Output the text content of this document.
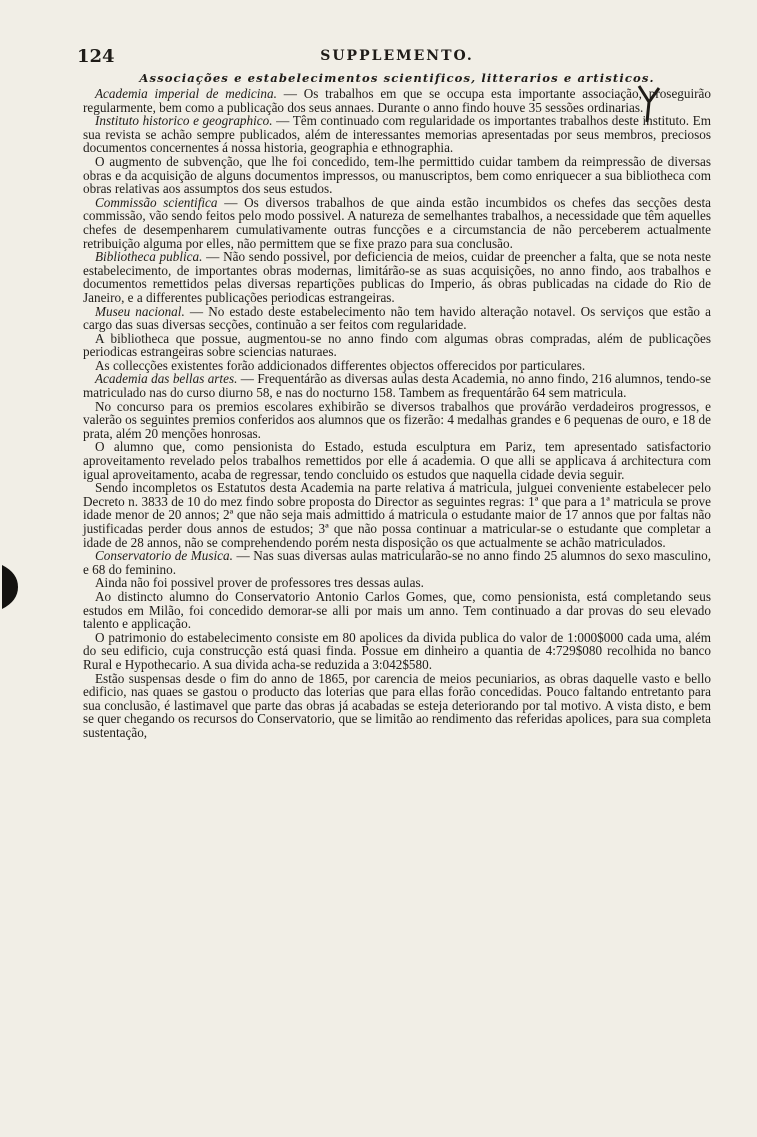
124	SUPPLEMENTO.
Associações e estabelecimentos scientificos, litterarios e artisticos.

Academia imperial de medicina. — Os trabalhos em que se occupa esta importante associação, proseguirão regularmente, bem como a publicação dos seus annaes. Durante o anno findo houve 35 sessões ordinarias.

Instituto historico e geographico. — Têm continuado com regularidade os importantes trabalhos deste instituto. Em sua revista se achão sempre publicados, além de interessantes memorias apresentadas por seus membros, preciosos documentos concernentes á nossa historia, geographia e ethnographia.

O augmento de subvenção, que lhe foi concedido, tem-lhe permittido cuidar tambem da reimpressão de diversas obras e da acquisição de alguns documentos impressos, ou manuscriptos, bem como enriquecer a sua bibliotheca com obras relativas aos assumptos dos seus estudos.

Commissão scientifica — Os diversos trabalhos de que ainda estão incumbidos os chefes das secções desta commissão, vão sendo feitos pelo modo possivel. A natureza de semelhantes trabalhos, a necessidade que têm aquelles chefes de desempenharem cumulativamente outras funcções e a circumstancia de não perceberem actualmente retribuição alguma por elles, não permittem que se fixe prazo para sua conclusão.

Bibliotheca publica. — Não sendo possivel, por deficiencia de meios, cuidar de preencher a falta, que se nota neste estabelecimento, de importantes obras modernas, limitárão-se as suas acquisições, no anno findo, aos trabalhos e documentos remettidos pelas diversas repartições publicas do Imperio, ás obras publicadas na cidade do Rio de Janeiro, e a differentes publicações periodicas estrangeiras.

Museu nacional. — No estado deste estabelecimento não tem havido alteração notavel. Os serviços que estão a cargo das suas diversas secções, continuão a ser feitos com regularidade.

A bibliotheca que possue, augmentou-se no anno findo com algumas obras compradas, além de publicações periodicas estrangeiras sobre sciencias naturaes.

As collecções existentes forão addicionados differentes objectos offerecidos por particulares.

Academia das bellas artes. — Frequentárão as diversas aulas desta Academia, no anno findo, 216 alumnos, tendo-se matriculado nas do curso diurno 58, e nas do nocturno 158. Tambem as frequentárão 64 sem matricula.

No concurso para os premios escolares exhibirão se diversos trabalhos que provárão verdadeiros progressos, e valerão os seguintes premios conferidos aos alumnos que os fizerão: 4 medalhas grandes e 6 pequenas de ouro, e 18 de prata, além 20 menções honrosas.

O alumno que, como pensionista do Estado, estuda esculptura em Pariz, tem apresentado satisfactorio aproveitamento revelado pelos trabalhos remettidos por elle á academia. O que alli se applicava á architectura com igual aproveitamento, acaba de regressar, tendo concluido os estudos que naquella cidade devia seguir.

Sendo incompletos os Estatutos desta Academia na parte relativa á matricula, julguei conveniente estabelecer pelo Decreto n. 3833 de 10 do mez findo sobre proposta do Director as seguintes regras: 1ª que para a 1ª matricula se prove idade menor de 20 annos; 2ª que não seja mais admittido á matricula o estudante maior de 17 annos que por faltas não justificadas perder dous annos de estudos; 3ª que não possa continuar a matricular-se o estudante que completar a idade de 28 annos, não se comprehendendo porém nesta disposição os que actualmente se achão matriculados.

Conservatorio de Musica. — Nas suas diversas aulas matricularão-se no anno findo 25 alumnos do sexo masculino, e 68 do feminino.

Ainda não foi possivel prover de professores tres dessas aulas.

Ao distincto alumno do Conservatorio Antonio Carlos Gomes, que, como pensionista, está completando seus estudos em Milão, foi concedido demorar-se alli por mais um anno. Tem continuado a dar provas do seu elevado talento e applicação.

O patrimonio do estabelecimento consiste em 80 apolices da divida publica do valor de 1:000$000 cada uma, além do seu edificio, cuja construcção está quasi finda. Possue em dinheiro a quantia de 4:729$080 recolhida no banco Rural e Hypothecario. A sua divida acha-se reduzida a 3:042$580.

Estão suspensas desde o fim do anno de 1865, por carencia de meios pecuniarios, as obras daquelle vasto e bello edificio, nas quaes se gastou o producto das loterias que para ellas forão concedidas. Pouco faltando entretanto para sua conclusão, é lastimavel que parte das obras já acabadas se esteja deteriorando por tal motivo. A vista disto, e bem se quer chegando os recursos do Conservatorio, que se limitão ao rendimento das referidas apolices, para sua completa sustentação,
